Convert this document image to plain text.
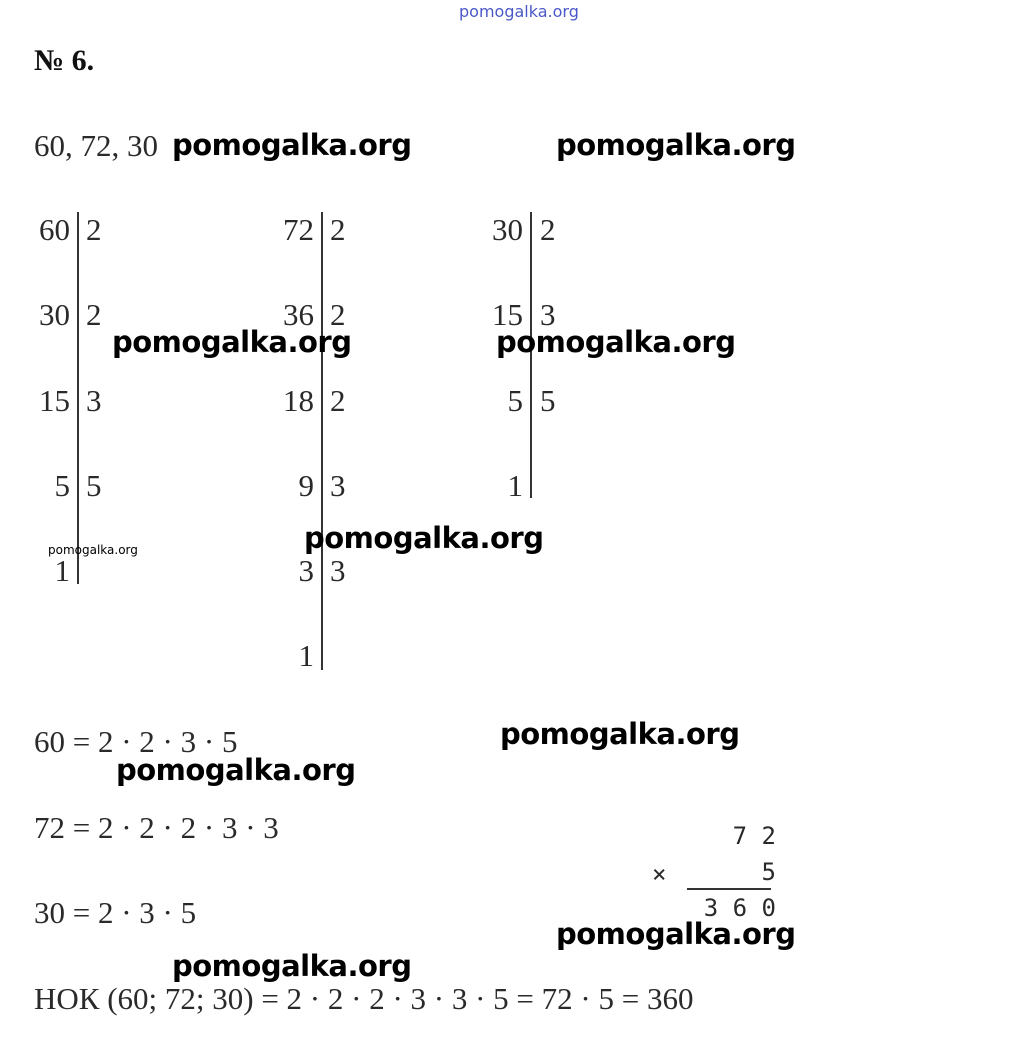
pomogalka.org
№ 6.
60, 72, 30
60 2
30 2
15 3
5 5
1
72 2
36 2
18 2
9 3
3 3
1
30 2
15 3
5 5
1
60 = 2 · 2 · 3 · 5
72 = 2 · 2 · 2 · 3 · 3
30 = 2 · 3 · 5
7 2
×	5
3 6 0
НОК (60; 72; 30) = 2 · 2 · 2 · 3 · 3 · 5 = 72 · 5 = 360
pomogalka.org	pomogalka.org
pomogalka.org	pomogalka.org
pomogalka.org	pomogalka.org
pomogalka.org
pomogalka.org
pomogalka.org
pomogalka.org
